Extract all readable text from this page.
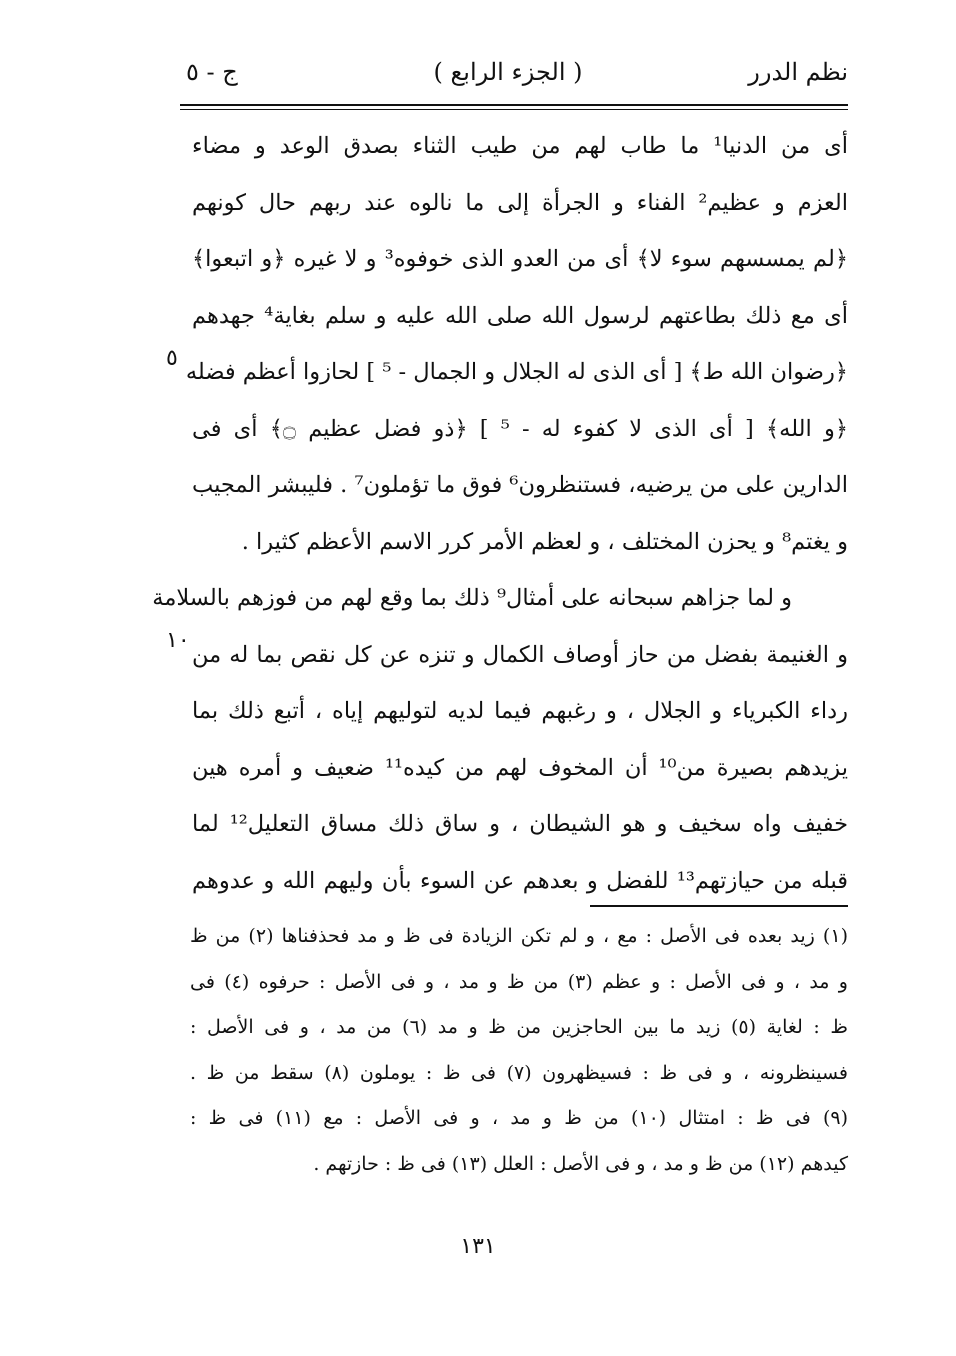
نظم الدرر
( الجزء الرابع )
ج - ٥
أى من الدنيا¹ ما طاب لهم من طيب الثناء بصدق الوعد و مضاء
العزم و عظيم² الفناء و الجرأة إلى ما نالوه عند ربهم حال كونهم
﴿لم يمسسهم سوء لا﴾ أى من العدو الذى خوفوه³ و لا غيره ﴿و اتبعوا﴾
أى مع ذلك بطاعتهم لرسول الله صلى الله عليه و سلم بغاية⁴ جهدهم
﴿رضوان الله ط﴾ [ أى الذى له الجلال و الجمال - ⁵ ] لحازوا أعظم فضله
﴿و الله﴾ [ أى الذى لا كفوء له - ⁵ ] ﴿ذو فضل عظيم ۝﴾ أى فى
الدارين على من يرضيه، فستنظرون⁶ فوق ما تؤملون⁷ . فليبشر المجيب
و يغتم⁸ و يحزن المختلف ، و لعظم الأمر كرر الاسم الأعظم كثيرا .
و لما جزاهم سبحانه على أمثال⁹ ذلك بما وقع لهم من فوزهم بالسلامة
و الغنيمة بفضل من حاز أوصاف الكمال و تنزه عن كل نقص بما له من
رداء الكبرياء و الجلال ، و رغبهم فيما لديه لتوليهم إياه ، أتبع ذلك بما
يزيدهم بصيرة من¹⁰ أن المخوف لهم من كيده¹¹ ضعيف و أمره هين
خفيف واه سخيف و هو الشيطان ، و ساق ذلك مساق التعليل¹² لما
قبله من حيازتهم¹³ للفضل و بعدهم عن السوء بأن وليهم الله و عدوهم
٥
١٠
(١) زيد بعده فى الأصل : مع ، و لم تكن الزيادة فى ظ و مد فحذفناها (٢) من ظ
و مد ، و فى الأصل : و عظم (٣) من ظ و مد ، و فى الأصل : حرفوه (٤) فى
ظ : لغاية (٥) زيد ما بين الحاجزين من ظ و مد (٦) من مد ، و فى الأصل :
فسينظرونه ، و فى ظ : فسيظهرون (٧) فى ظ : يوملون (٨) سقط من ظ .
(٩) فى ظ : امتثال (١٠) من ظ و مد ، و فى الأصل : مع (١١) فى ظ :
كيدهم (١٢) من ظ و مد ، و فى الأصل : العلل (١٣) فى ظ : حازتهم .
١٣١
